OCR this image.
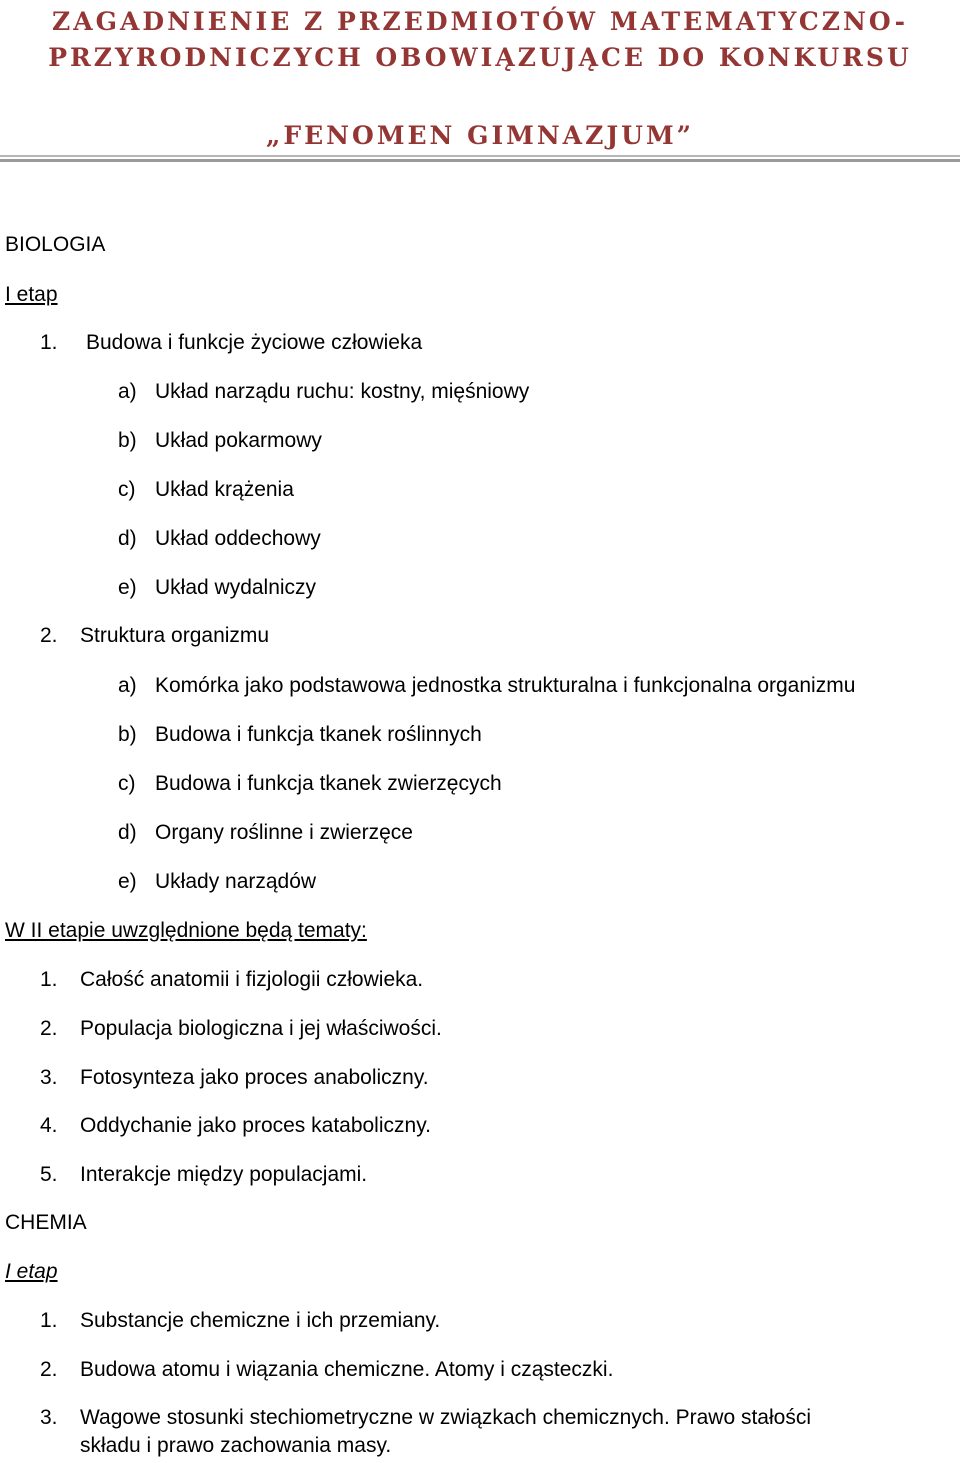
ZAGADNIENIE Z PRZEDMIOTÓW MATEMATYCZNO-
PRZYRODNICZYCH OBOWIĄZUJĄCE DO KONKURSU
„FENOMEN GIMNAZJUM”
BIOLOGIA
I etap
1. Budowa i funkcje życiowe człowieka
a) Układ narządu ruchu: kostny, mięśniowy
b) Układ pokarmowy
c) Układ krążenia
d) Układ oddechowy
e) Układ wydalniczy
2. Struktura organizmu
a) Komórka jako podstawowa jednostka strukturalna i funkcjonalna organizmu
b) Budowa i funkcja tkanek roślinnych
c) Budowa i funkcja tkanek zwierzęcych
d) Organy roślinne i zwierzęce
e) Układy narządów
W II etapie uwzględnione będą tematy:
1. Całość anatomii i fizjologii człowieka.
2. Populacja biologiczna i jej właściwości.
3. Fotosynteza jako proces anaboliczny.
4. Oddychanie jako proces kataboliczny.
5. Interakcje między populacjami.
CHEMIA
I etap
1. Substancje chemiczne i ich przemiany.
2. Budowa atomu i wiązania chemiczne. Atomy i cząsteczki.
3. Wagowe stosunki stechiometryczne w związkach chemicznych. Prawo stałości
składu i prawo zachowania masy.
